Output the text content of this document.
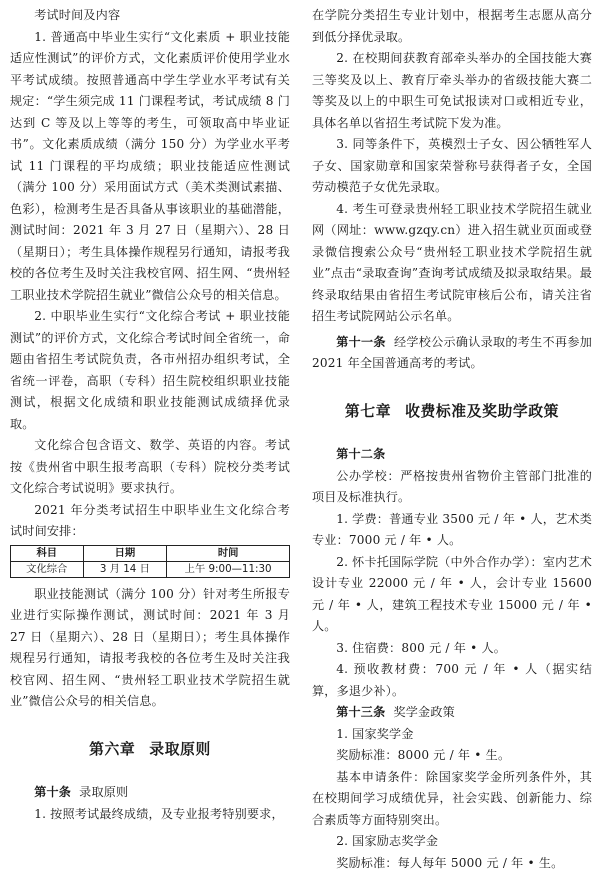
考试时间及内容

1. 普通高中毕业生实行“文化素质 + 职业技能适应性测试”的评价方式，文化素质评价使用学业水平考试成绩。按照普通高中学生学业水平考试有关规定：“学生须完成 11 门课程考试，考试成绩 8 门达到 C 等及以上等等的考生，可领取高中毕业证书”。文化素质成绩（满分 150 分）为学业水平考试 11 门课程的平均成绩；职业技能适应性测试（满分 100 分）采用面试方式（美术类测试素描、色彩），检测考生是否具备从事该职业的基础潜能，测试时间：2021 年 3 月 27 日（星期六）、28 日（星期日）；考生具体操作规程另行通知，请报考我校的各位考生及时关注我校官网、招生网、“贵州轻工职业技术学院招生就业”微信公众号的相关信息。

2. 中职毕业生实行“文化综合考试 + 职业技能测试”的评价方式，文化综合考试时间全省统一，命题由省招生考试院负责，各市州招办组织考试，全省统一评卷，高职（专科）招生院校组织职业技能测试，根据文化成绩和职业技能测试成绩择优录取。

文化综合包含语文、数学、英语的内容。考试按《贵州省中职生报考高职（专科）院校分类考试文化综合考试说明》要求执行。

2021 年分类考试招生中职毕业生文化综合考试时间安排：

科目	日期	时间
文化综合	3 月 14 日	上午 9:00—11:30

职业技能测试（满分 100 分）针对考生所报专业进行实际操作测试，测试时间：2021 年 3 月 27 日（星期六）、28 日（星期日）；考生具体操作规程另行通知，请报考我校的各位考生及时关注我校官网、招生网、“贵州轻工职业技术学院招生就业”微信公众号的相关信息。

第六章 录取原则

第十条 录取原则

1. 按照考试最终成绩，及专业报考特别要求，

在学院分类招生专业计划中，根据考生志愿从高分到低分择优录取。

2. 在校期间获教育部牵头举办的全国技能大赛三等奖及以上、教育厅牵头举办的省级技能大赛二等奖及以上的中职生可免试报读对口或相近专业，具体名单以省招生考试院下发为准。

3. 同等条件下，英模烈士子女、因公牺牲军人子女、国家勋章和国家荣誉称号获得者子女，全国劳动模范子女优先录取。

4. 考生可登录贵州轻工职业技术学院招生就业网（网址：www.gzqy.cn）进入招生就业页面或登录微信搜索公众号“贵州轻工职业技术学院招生就业”点击“录取查询”查询考试成绩及拟录取结果。最终录取结果由省招生考试院审核后公布，请关注省招生考试院网站公示名单。

第十一条 经学校公示确认录取的考生不再参加 2021 年全国普通高考的考试。

第七章 收费标准及奖助学政策

第十二条

公办学校：严格按贵州省物价主管部门批准的项目及标准执行。

1. 学费：普通专业 3500 元 / 年 • 人，艺术类专业：7000 元 / 年 • 人。

2. 怀卡托国际学院（中外合作办学）：室内艺术设计专业 22000 元 / 年 • 人，会计专业 15600 元 / 年 • 人，建筑工程技术专业 15000 元 / 年 • 人。

3. 住宿费：800 元 / 年 • 人。

4. 预收教材费：700 元 / 年 • 人（据实结算，多退少补）。

第十三条 奖学金政策

1. 国家奖学金

奖励标准：8000 元 / 年 • 生。

基本申请条件：除国家奖学金所列条件外，其在校期间学习成绩优异，社会实践、创新能力、综合素质等方面特别突出。

2. 国家励志奖学金

奖励标准：每人每年 5000 元 / 年 • 生。
